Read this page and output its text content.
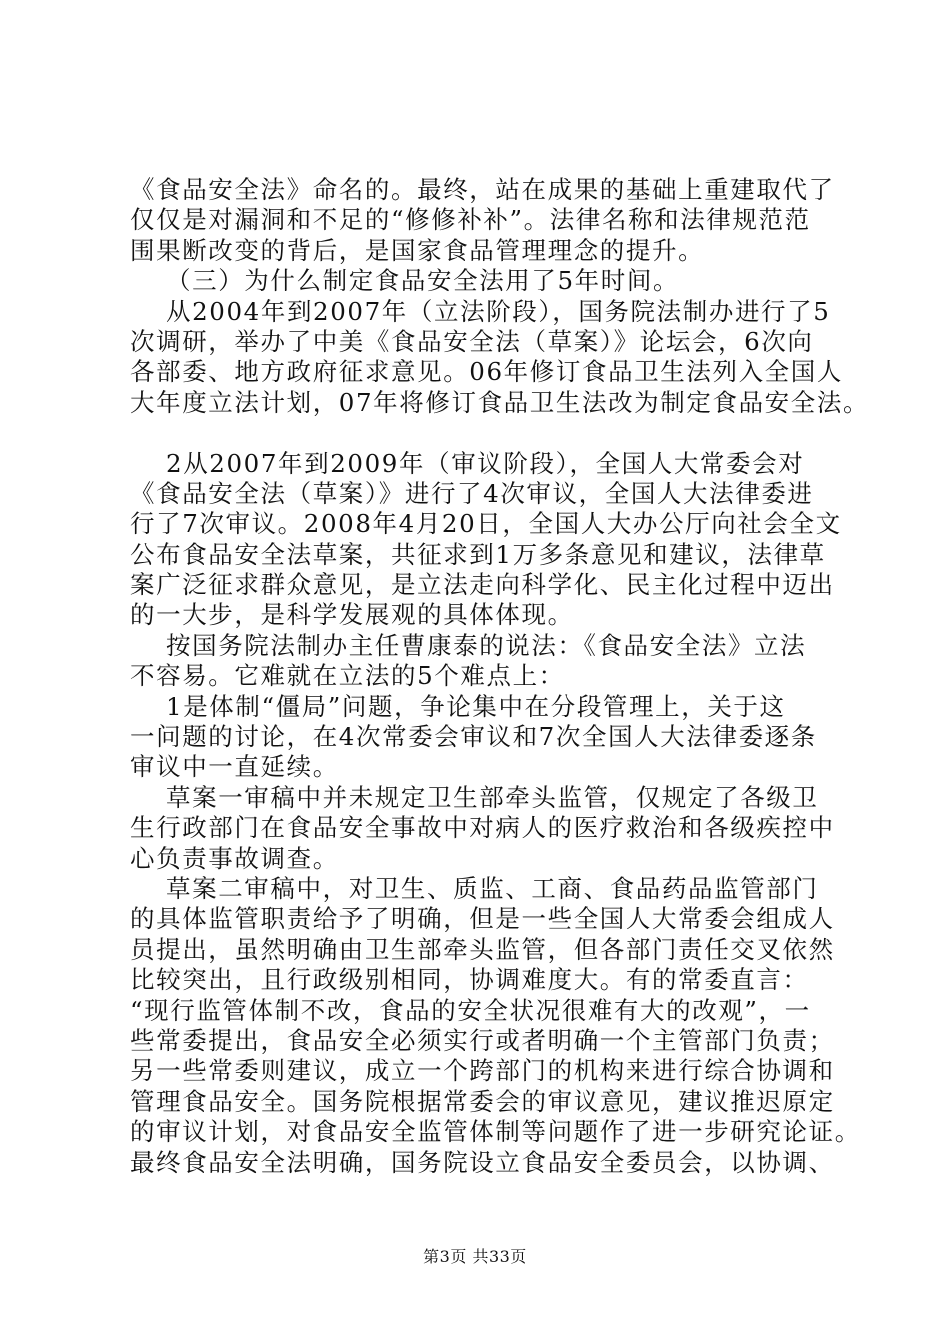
《食品安全法》命名的。最终，站在成果的基础上重建取代了
仅仅是对漏洞和不足的“修修补补”。法律名称和法律规范范
围果断改变的背后，是国家食品管理理念的提升。
（三）为什么制定食品安全法用了5年时间。
从2004年到2007年（立法阶段），国务院法制办进行了5
次调研，举办了中美《食品安全法（草案）》论坛会，6次向
各部委、地方政府征求意见。06年修订食品卫生法列入全国人
大年度立法计划，07年将修订食品卫生法改为制定食品安全法。
2从2007年到2009年（审议阶段），全国人大常委会对
《食品安全法（草案）》进行了4次审议，全国人大法律委进
行了7次审议。2008年4月20日，全国人大办公厅向社会全文
公布食品安全法草案，共征求到1万多条意见和建议，法律草
案广泛征求群众意见，是立法走向科学化、民主化过程中迈出
的一大步，是科学发展观的具体体现。
按国务院法制办主任曹康泰的说法：《食品安全法》立法
不容易。它难就在立法的5个难点上：
1是体制“僵局”问题，争论集中在分段管理上，关于这
一问题的讨论，在4次常委会审议和7次全国人大法律委逐条
审议中一直延续。
草案一审稿中并未规定卫生部牵头监管，仅规定了各级卫
生行政部门在食品安全事故中对病人的医疗救治和各级疾控中
心负责事故调查。
草案二审稿中，对卫生、质监、工商、食品药品监管部门
的具体监管职责给予了明确，但是一些全国人大常委会组成人
员提出，虽然明确由卫生部牵头监管，但各部门责任交叉依然
比较突出，且行政级别相同，协调难度大。有的常委直言：
“现行监管体制不改，食品的安全状况很难有大的改观”，一
些常委提出，食品安全必须实行或者明确一个主管部门负责；
另一些常委则建议，成立一个跨部门的机构来进行综合协调和
管理食品安全。国务院根据常委会的审议意见，建议推迟原定
的审议计划，对食品安全监管体制等问题作了进一步研究论证。
最终食品安全法明确，国务院设立食品安全委员会，以协调、
第3页 共33页
